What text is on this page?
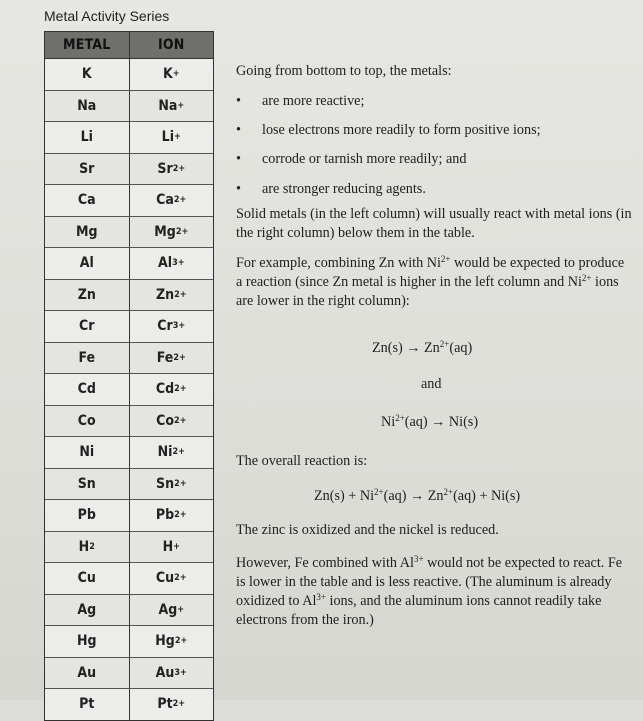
Metal Activity Series
METAL	ION
K	K +
Na	Na +
Li	Li +
Sr	Sr 2+
Ca	Ca 2+
Mg	Mg 2+
Al	Al 3+
Zn	Zn 2+
Cr	Cr 3+
Fe	Fe 2+
Cd	Cd 2+
Co	Co 2+
Ni	Ni 2+
Sn	Sn 2+
Pb	Pb 2+
H 2	H +
Cu	Cu 2+
Ag	Ag +
Hg	Hg 2+
Au	Au 3+
Pt	Pt 2+
Going from bottom to top, the metals:
• are more reactive;
• lose electrons more readily to form positive ions;
• corrode or tarnish more readily; and
• are stronger reducing agents.
Solid metals (in the left column) will usually react with metal ions (in the right column) below them in the table.
For example, combining Zn with $Ni^{2+}$ would be expected to produce a reaction (since Zn metal is higher in the left column and $Ni^{2+}$ ions are lower in the right column):
$Zn(s) \to Zn^{2+}(aq)$
and
$Ni^{2+}(aq) \to Ni(s)$
The overall reaction is:
$Zn(s) + Ni^{2+}(aq) \to Zn^{2+}(aq) + Ni(s)$
The zinc is oxidized and the nickel is reduced.
However, Fe combined with $Al^{3+}$ would not be expected to react. Fe is lower in the table and is less reactive. (The aluminum is already oxidized to $Al^{3+}$ ions, and the aluminum ions cannot readily take electrons from the iron.)
